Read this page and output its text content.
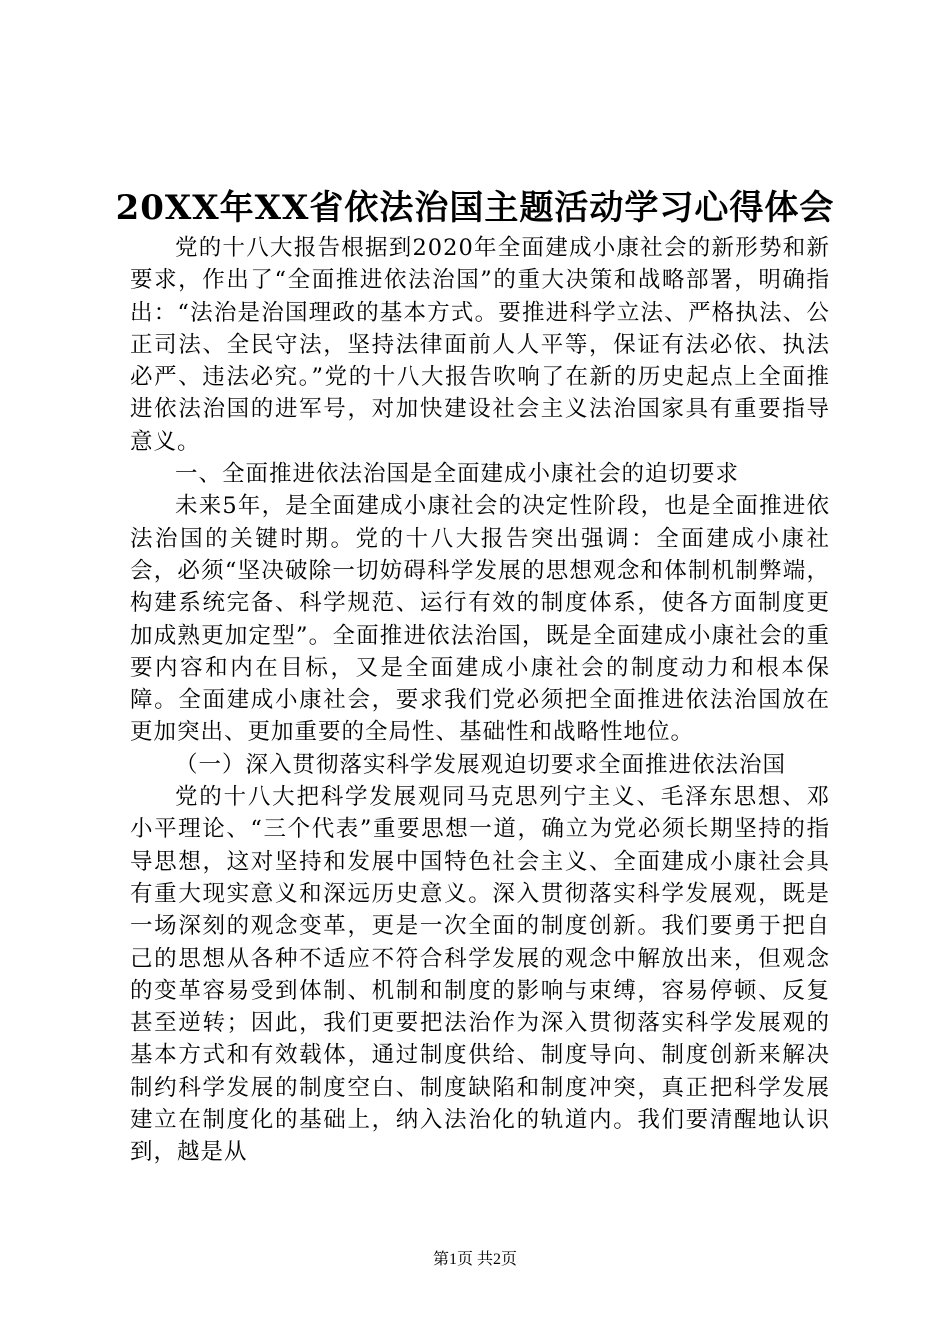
20XX年XX省依法治国主题活动学习心得体会

党的十八大报告根据到2020年全面建成小康社会的新形势和新要求，作出了“全面推进依法治国”的重大决策和战略部署，明确指出：“法治是治国理政的基本方式。要推进科学立法、严格执法、公正司法、全民守法，坚持法律面前人人平等，保证有法必依、执法必严、违法必究。”党的十八大报告吹响了在新的历史起点上全面推进依法治国的进军号，对加快建设社会主义法治国家具有重要指导意义。

一、全面推进依法治国是全面建成小康社会的迫切要求

未来5年，是全面建成小康社会的决定性阶段，也是全面推进依法治国的关键时期。党的十八大报告突出强调：全面建成小康社会，必须“坚决破除一切妨碍科学发展的思想观念和体制机制弊端，构建系统完备、科学规范、运行有效的制度体系，使各方面制度更加成熟更加定型”。全面推进依法治国，既是全面建成小康社会的重要内容和内在目标，又是全面建成小康社会的制度动力和根本保障。全面建成小康社会，要求我们党必须把全面推进依法治国放在更加突出、更加重要的全局性、基础性和战略性地位。

（一）深入贯彻落实科学发展观迫切要求全面推进依法治国

党的十八大把科学发展观同马克思列宁主义、毛泽东思想、邓小平理论、“三个代表”重要思想一道，确立为党必须长期坚持的指导思想，这对坚持和发展中国特色社会主义、全面建成小康社会具有重大现实意义和深远历史意义。深入贯彻落实科学发展观，既是一场深刻的观念变革，更是一次全面的制度创新。我们要勇于把自己的思想从各种不适应不符合科学发展的观念中解放出来，但观念的变革容易受到体制、机制和制度的影响与束缚，容易停顿、反复甚至逆转；因此，我们更要把法治作为深入贯彻落实科学发展观的基本方式和有效载体，通过制度供给、制度导向、制度创新来解决制约科学发展的制度空白、制度缺陷和制度冲突，真正把科学发展建立在制度化的基础上，纳入法治化的轨道内。我们要清醒地认识到，越是从

第1页 共2页
